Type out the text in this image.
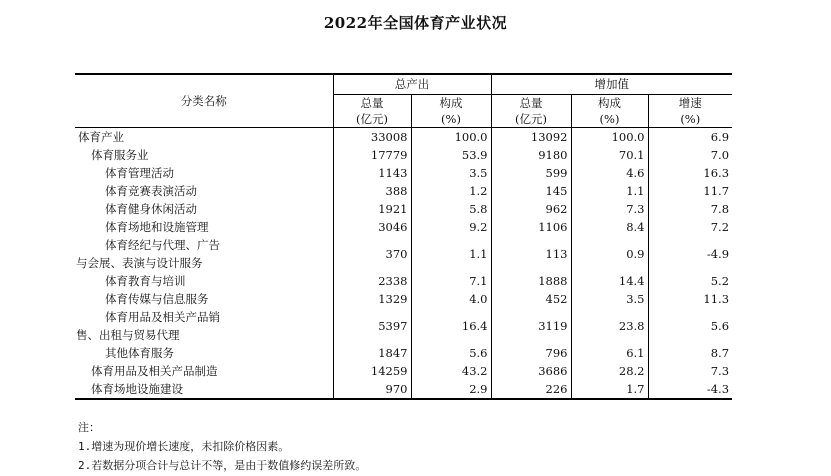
2022年全国体育产业状况
分类名称	总产出		增加值		
	总量	构成	总量	构成	增速
	(亿元)	(%)	(亿元)	(%)	(%)
体育产业	33008	100.0	13092	100.0	6.9
体育服务业	17779	53.9	9180	70.1	7.0
体育管理活动	1143	3.5	599	4.6	16.3
体育竞赛表演活动	388	1.2	145	1.1	11.7
体育健身休闲活动	1921	5.8	962	7.3	7.8
体育场地和设施管理	3046	9.2	1106	8.4	7.2

体育经纪与代理、广告
与会展、表演与设计服务	370	1.1	113	0.9	-4.9
体育教育与培训	2338	7.1	1888	14.4	5.2
体育传媒与信息服务	1329	4.0	452	3.5	11.3

体育用品及相关产品销
售、出租与贸易代理	5397	16.4	3119	23.8	5.6
其他体育服务	1847	5.6	796	6.1	8.7
体育用品及相关产品制造	14259	43.2	3686	28.2	7.3
体育场地设施建设	970	2.9	226	1.7	-4.3
注：
1.增速为现价增长速度，未扣除价格因素。
2.若数据分项合计与总计不等，是由于数值修约误差所致。
